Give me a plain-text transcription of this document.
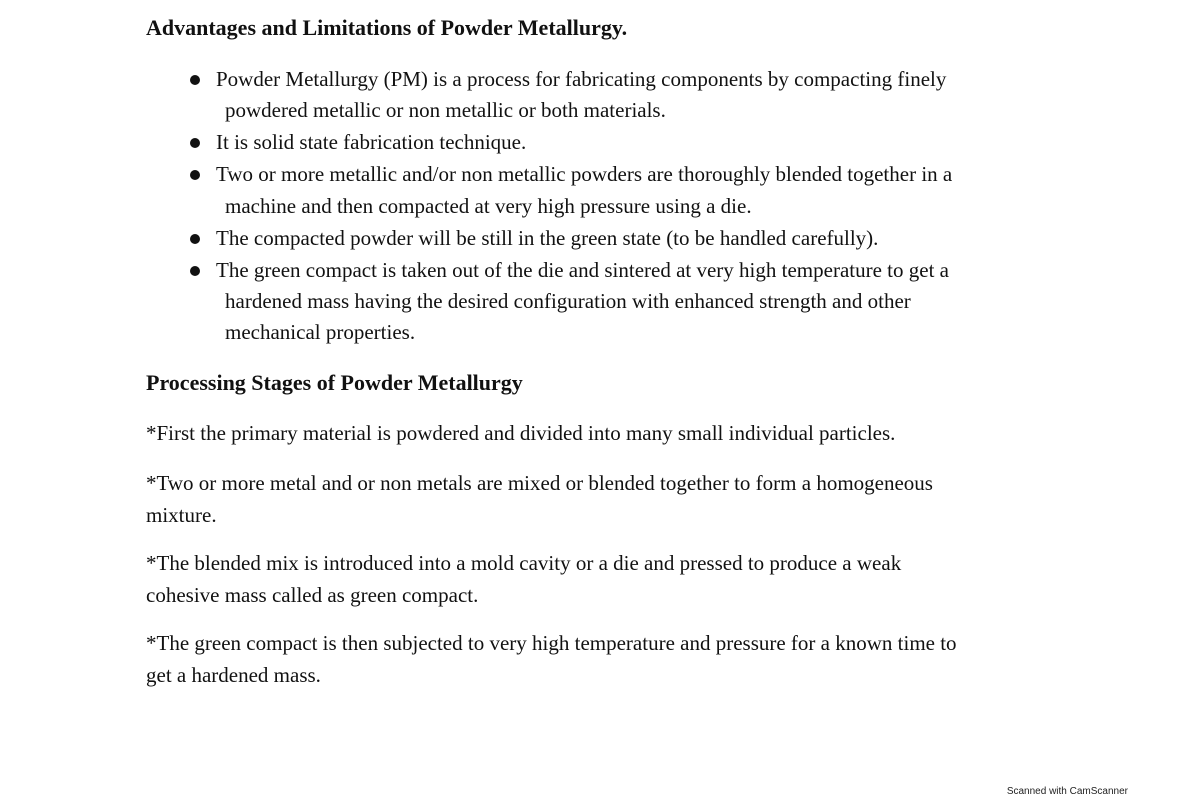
Advantages and Limitations of Powder Metallurgy.
Powder Metallurgy (PM) is a process for fabricating components by compacting finely
powdered metallic or non metallic or both materials.
It is solid state fabrication technique.
Two or more metallic and/or non metallic powders are thoroughly blended together in a
machine and then compacted at very high pressure using a die.
The compacted powder will be still in the green state (to be handled carefully).
The green compact is taken out of the die and sintered at very high temperature to get a
hardened mass having the desired configuration with enhanced strength and other
mechanical properties.
Processing Stages of Powder Metallurgy
*First the primary material is powdered and divided into many small individual particles.
*Two or more metal and or non metals are mixed or blended together to form a homogeneous
mixture.
*The blended mix is introduced into a mold cavity or a die and pressed to produce a weak
cohesive mass called as green compact.
*The green compact is then subjected to very high temperature and pressure for a known time to
get a hardened mass.
Scanned with CamScanner
